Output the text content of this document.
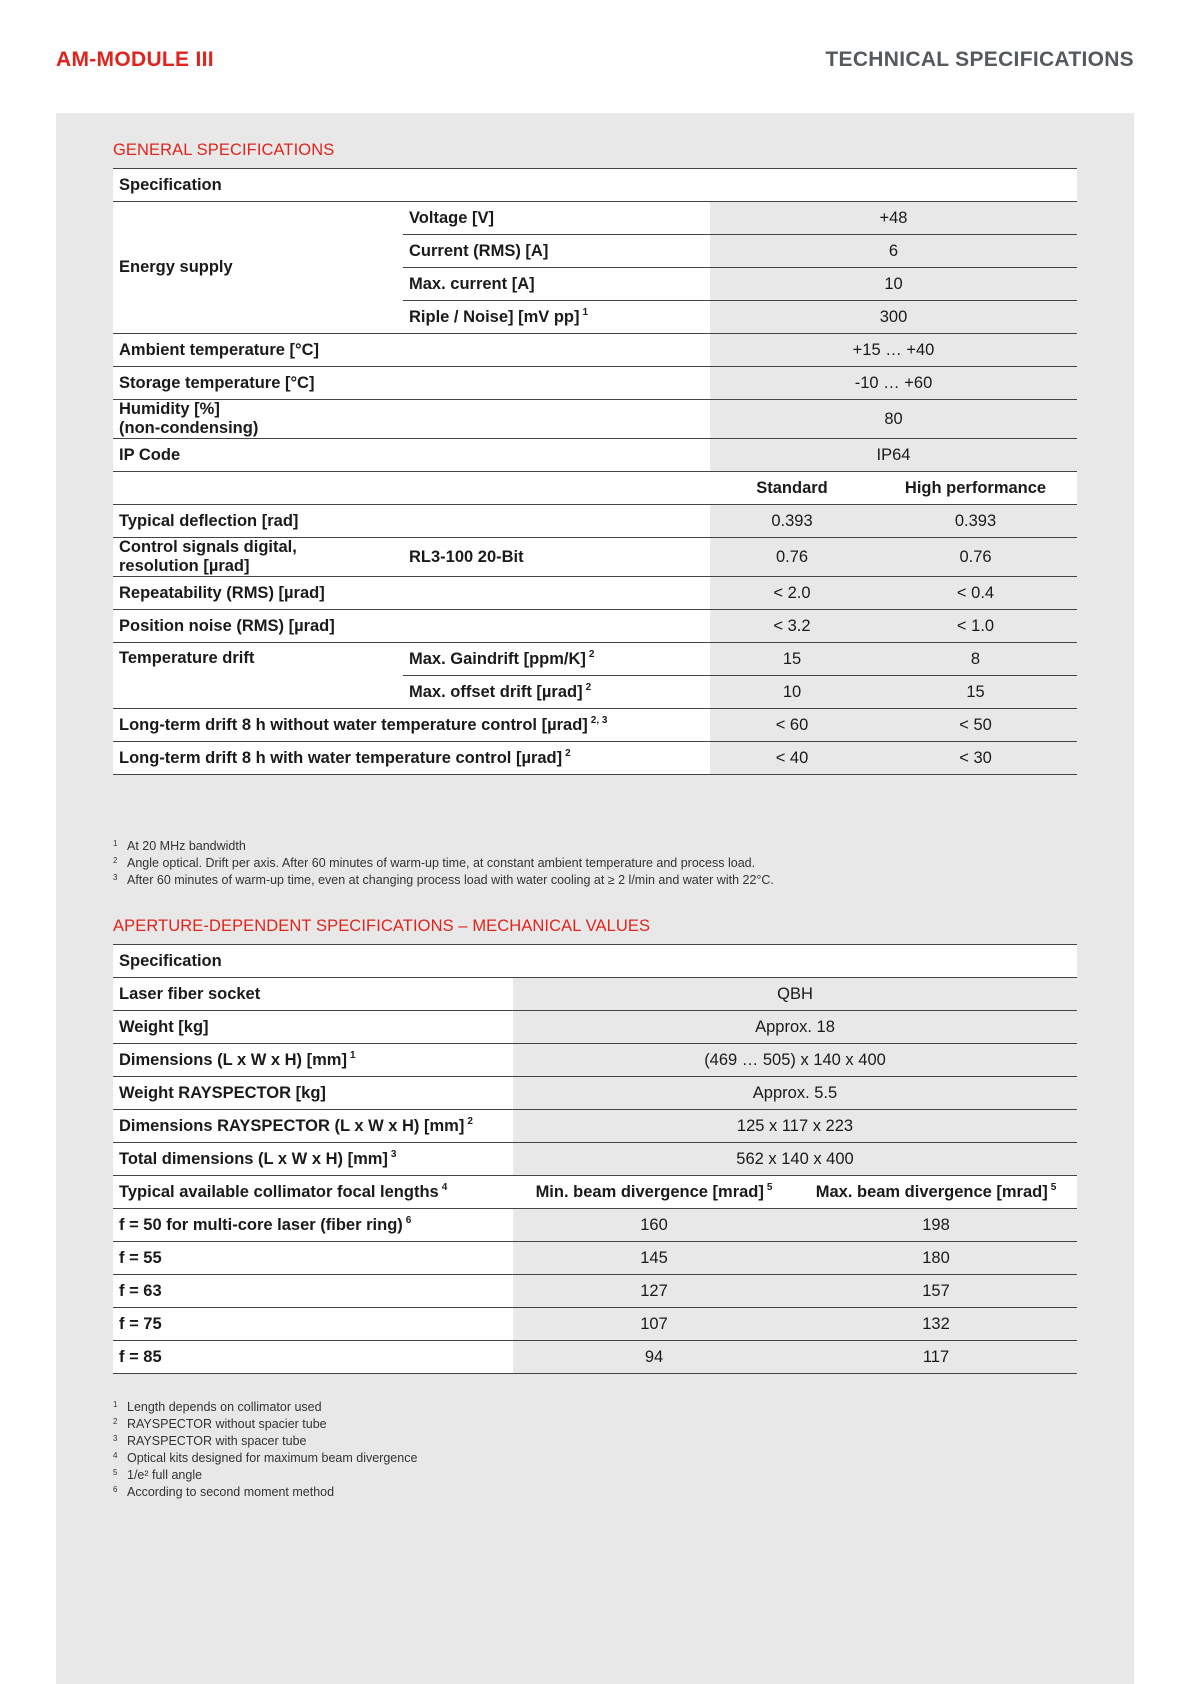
AM-MODULE III	TECHNICAL SPECIFICATIONS
GENERAL SPECIFICATIONS
Specification			
Energy supply	Voltage [V]	+48	
	Current (RMS) [A]	6	
	Max. current [A]	10	
	Riple / Noise] [mV pp] $^1$	300	
Ambient temperature [°C]		+15 … +40	
Storage temperature [°C]		-10 … +60	

Humidity [%]
(non-condensing)		80	
IP Code		IP64	
		Standard	High performance
Typical deflection [rad]		0.393	0.393

Control signals digital,
resolution [µrad]	RL3-100 20-Bit	0.76	0.76
Repeatability (RMS) [µrad]		< 2.0	< 0.4
Position noise (RMS) [µrad]		< 3.2	< 1.0
Temperature drift	Max. Gaindrift [ppm/K] $^2$	15	8
	Max. offset drift [µrad] $^2$	10	15
Long-term drift 8 h without water temperature control [µrad] $^{2, 3}$		< 60	< 50
Long-term drift 8 h with water temperature control [µrad] $^2$		< 40	< 30
1 At 20 MHz bandwidth
2 Angle optical. Drift per axis. After 60 minutes of warm-up time, at constant ambient temperature and process load.
3 After 60 minutes of warm-up time, even at changing process load with water cooling at ≥ 2 l/min and water with 22°C.
APERTURE-DEPENDENT SPECIFICATIONS – MECHANICAL VALUES
Specification		
Laser fiber socket	QBH	
Weight [kg]	Approx. 18	
Dimensions (L x W x H) [mm] $^1$	(469 … 505) x 140 x 400	
Weight RAYSPECTOR [kg]	Approx. 5.5	
Dimensions RAYSPECTOR (L x W x H) [mm] $^2$	125 x 117 x 223	
Total dimensions (L x W x H) [mm] $^3$	562 x 140 x 400	
Typical available collimator focal lengths $^4$	Min. beam divergence [mrad] $^5$	Max. beam divergence [mrad] $^5$
f = 50 for multi-core laser (fiber ring) $^6$	160	198
f = 55	145	180
f = 63	127	157
f = 75	107	132
f = 85	94	117
1 Length depends on collimator used
2 RAYSPECTOR without spacier tube
3 RAYSPECTOR with spacer tube
4 Optical kits designed for maximum beam divergence
5 1/e² full angle
6 According to second moment method
